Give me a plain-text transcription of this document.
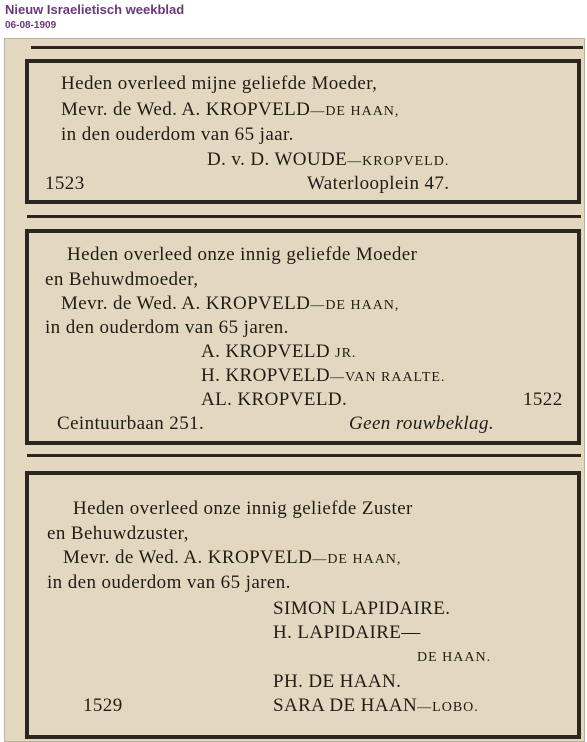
Nieuw Israelietisch weekblad
06-08-1909
Heden overleed mijne geliefde Moeder,
Mevr. de Wed. A. KROPVELD—DE HAAN,
in den ouderdom van 65 jaar.
D. v. D. WOUDE—KROPVELD.
1523	Waterlooplein 47.
Heden overleed onze innig geliefde Moeder
en Behuwdmoeder,
Mevr. de Wed. A. KROPVELD—DE HAAN,
in den ouderdom van 65 jaren.
A. KROPVELD JR.
H. KROPVELD—VAN RAALTE.
AL. KROPVELD.	1522
Ceintuurbaan 251.	Geen rouwbeklag.
Heden overleed onze innig geliefde Zuster
en Behuwdzuster,
Mevr. de Wed. A. KROPVELD—DE HAAN,
in den ouderdom van 65 jaren.
SIMON LAPIDAIRE.
H. LAPIDAIRE—
DE HAAN.
PH. DE HAAN.
1529	SARA DE HAAN—LOBO.
